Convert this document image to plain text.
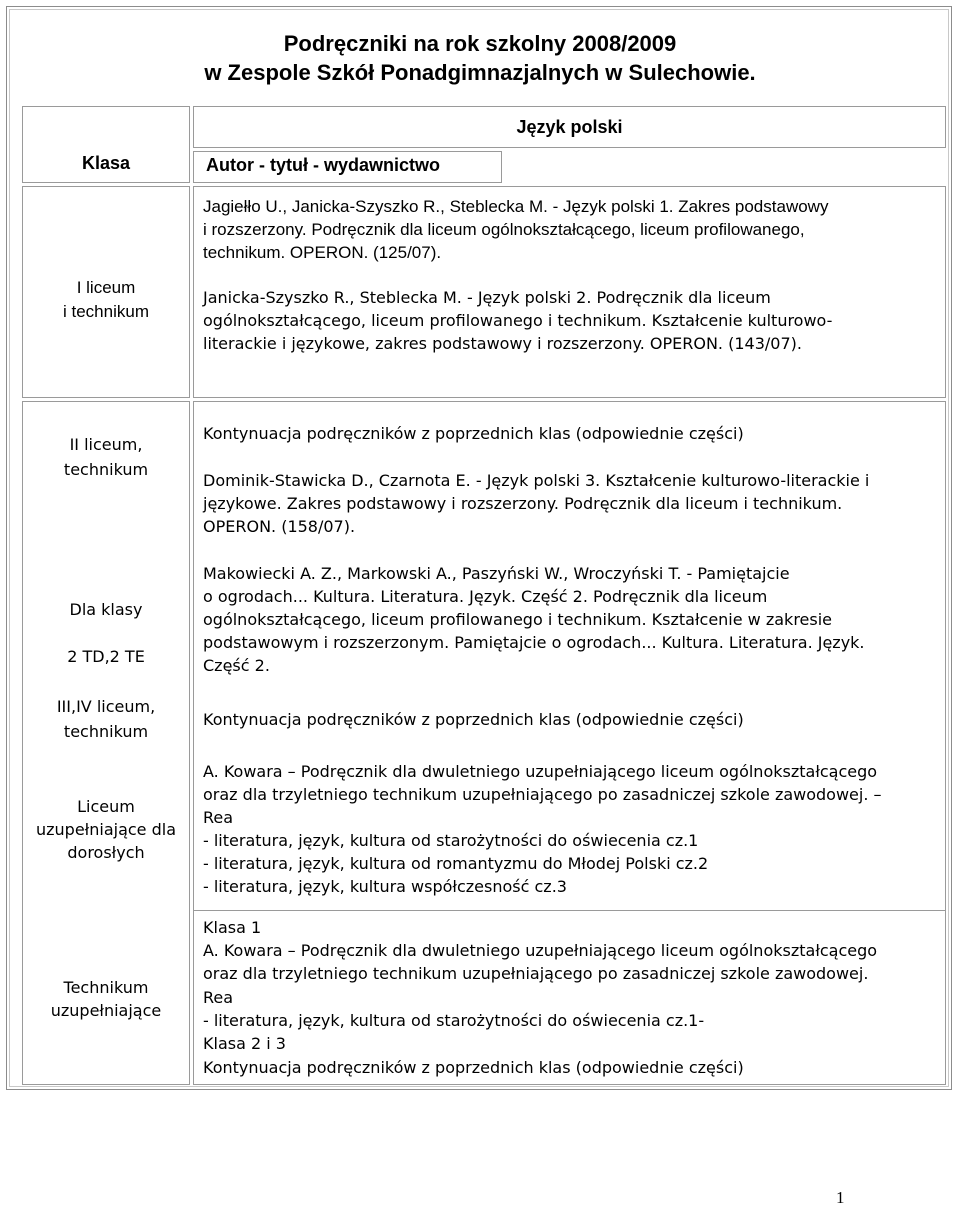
Podręczniki na rok szkolny 2008/2009
w Zespole Szkół Ponadgimnazjalnych w Sulechowie.
Język polski
Klasa	Autor - tytuł - wydawnictwo
I liceum
i technikum
Jagiełło U., Janicka-Szyszko R., Steblecka M. - Język polski 1. Zakres podstawowy
i rozszerzony. Podręcznik dla liceum ogólnokształcącego, liceum profilowanego,
technikum. OPERON. (125/07).
Janicka-Szyszko R., Steblecka M. - Język polski 2. Podręcznik dla liceum
ogólnokształcącego, liceum profilowanego i technikum. Kształcenie kulturowo-
literackie i językowe, zakres podstawowy i rozszerzony. OPERON. (143/07).
II liceum,
technikum
Dla klasy
2 TD,2 TE
III,IV liceum,
technikum
Liceum
uzupełniające dla
dorosłych
Technikum
uzupełniające
Kontynuacja podręczników z poprzednich klas (odpowiednie części)
Dominik-Stawicka D., Czarnota E. - Język polski 3. Kształcenie kulturowo-literackie i
językowe. Zakres podstawowy i rozszerzony. Podręcznik dla liceum i technikum.
OPERON. (158/07).
Makowiecki A. Z., Markowski A., Paszyński W., Wroczyński T. - Pamiętajcie
o ogrodach... Kultura. Literatura. Język. Część 2. Podręcznik dla liceum
ogólnokształcącego, liceum profilowanego i technikum. Kształcenie w zakresie
podstawowym i rozszerzonym. Pamiętajcie o ogrodach... Kultura. Literatura. Język.
Część 2.
Kontynuacja podręczników z poprzednich klas (odpowiednie części)
A. Kowara – Podręcznik dla dwuletniego uzupełniającego liceum ogólnokształcącego
oraz dla trzyletniego technikum uzupełniającego po zasadniczej szkole zawodowej. –
Rea
- literatura, język, kultura od starożytności do oświecenia cz.1
- literatura, język, kultura od romantyzmu do Młodej Polski cz.2
- literatura, język, kultura współczesność cz.3
Klasa 1
A. Kowara – Podręcznik dla dwuletniego uzupełniającego liceum ogólnokształcącego
oraz dla trzyletniego technikum uzupełniającego po zasadniczej szkole zawodowej.
Rea
- literatura, język, kultura od starożytności do oświecenia cz.1-
Klasa 2 i 3
Kontynuacja podręczników z poprzednich klas (odpowiednie części)
1
